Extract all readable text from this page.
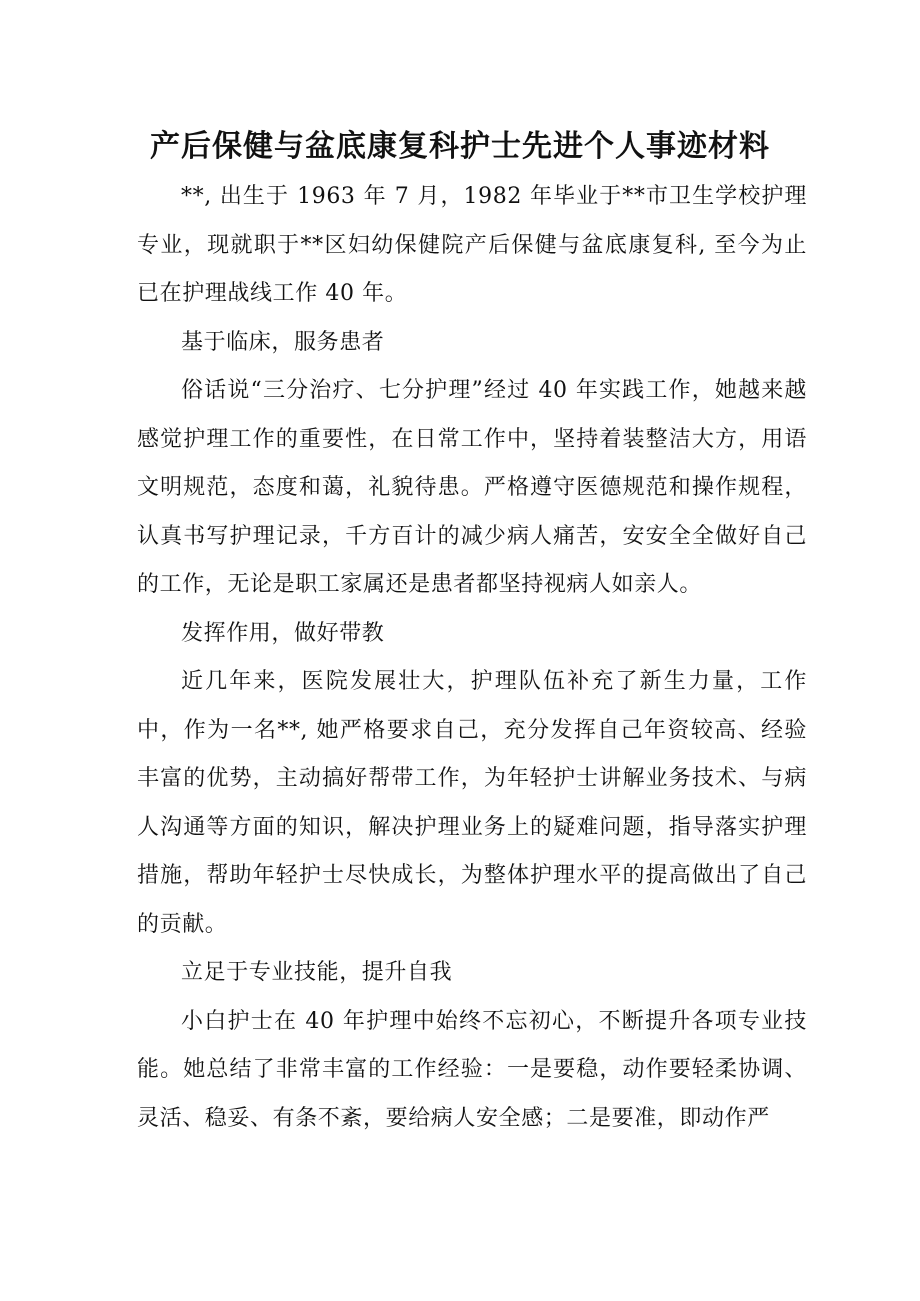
产后保健与盆底康复科护士先进个人事迹材料

**, 出生于 1963 年 7 月，1982 年毕业于**市卫生学校护理专业，现就职于**区妇幼保健院产后保健与盆底康复科, 至今为止已在护理战线工作 40 年。

基于临床，服务患者

俗话说“三分治疗、七分护理”经过 40 年实践工作，她越来越感觉护理工作的重要性，在日常工作中，坚持着装整洁大方，用语文明规范，态度和蔼，礼貌待患。严格遵守医德规范和操作规程，认真书写护理记录，千方百计的减少病人痛苦，安安全全做好自己的工作，无论是职工家属还是患者都坚持视病人如亲人。

发挥作用，做好带教

近几年来，医院发展壮大，护理队伍补充了新生力量，工作中，作为一名**, 她严格要求自己，充分发挥自己年资较高、经验丰富的优势，主动搞好帮带工作，为年轻护士讲解业务技术、与病人沟通等方面的知识，解决护理业务上的疑难问题，指导落实护理措施，帮助年轻护士尽快成长，为整体护理水平的提高做出了自己的贡献。

立足于专业技能，提升自我

小白护士在 40 年护理中始终不忘初心，不断提升各项专业技能。她总结了非常丰富的工作经验：一是要稳，动作要轻柔协调、灵活、稳妥、有条不紊，要给病人安全感；二是要准，即动作严
